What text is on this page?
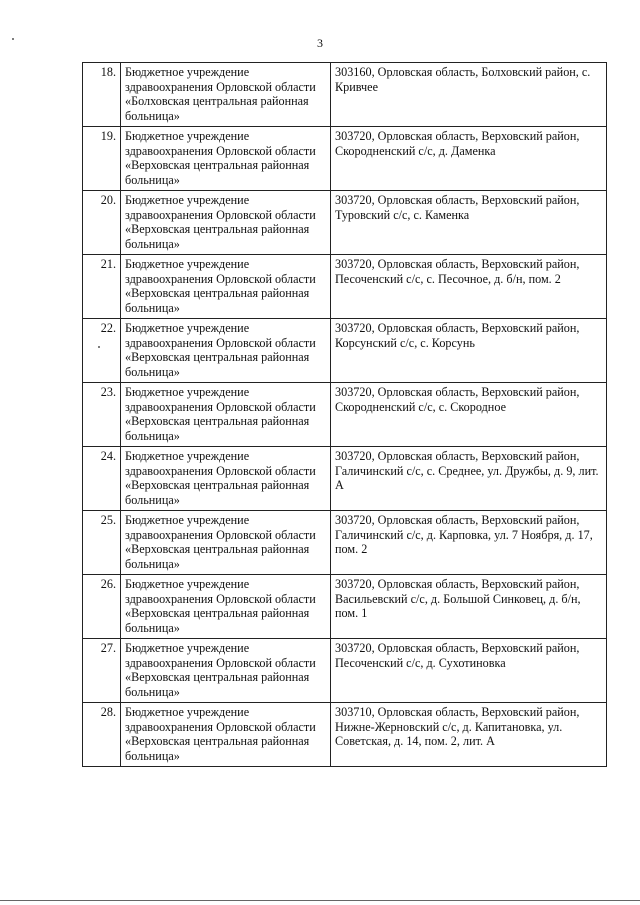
3
18.	Бюджетное учреждение здравоохранения Орловской области «Болховская центральная районная больница»	303160, Орловская область, Болховский район, с. Кривчее
19.	Бюджетное учреждение здравоохранения Орловской области «Верховская центральная районная больница»	303720, Орловская область, Верховский район, Скородненский с/с, д. Даменка
20.	Бюджетное учреждение здравоохранения Орловской области «Верховская центральная районная больница»	303720, Орловская область, Верховский район, Туровский с/с, с. Каменка
21.	Бюджетное учреждение здравоохранения Орловской области «Верховская центральная районная больница»	303720, Орловская область, Верховский район, Песоченский с/с, с. Песочное, д. б/н, пом. 2
22.	Бюджетное учреждение здравоохранения Орловской области «Верховская центральная районная больница»	303720, Орловская область, Верховский район, Корсунский с/с, с. Корсунь
23.	Бюджетное учреждение здравоохранения Орловской области «Верховская центральная районная больница»	303720, Орловская область, Верховский район, Скородненский с/с, с. Скородное
24.	Бюджетное учреждение здравоохранения Орловской области «Верховская центральная районная больница»	303720, Орловская область, Верховский район, Галичинский с/с, с. Среднее, ул. Дружбы, д. 9, лит. А
25.	Бюджетное учреждение здравоохранения Орловской области «Верховская центральная районная больница»	303720, Орловская область, Верховский район, Галичинский с/с, д. Карповка, ул. 7 Ноября, д. 17, пом. 2
26.	Бюджетное учреждение здравоохранения Орловской области «Верховская центральная районная больница»	303720, Орловская область, Верховский район, Васильевский с/с, д. Большой Синковец, д. б/н, пом. 1
27.	Бюджетное учреждение здравоохранения Орловской области «Верховская центральная районная больница»	303720, Орловская область, Верховский район, Песоченский с/с, д. Сухотиновка
28.	Бюджетное учреждение здравоохранения Орловской области «Верховская центральная районная больница»	303710, Орловская область, Верховский район, Нижне-Жерновский с/с, д. Капитановка, ул. Советская, д. 14, пом. 2, лит. А
